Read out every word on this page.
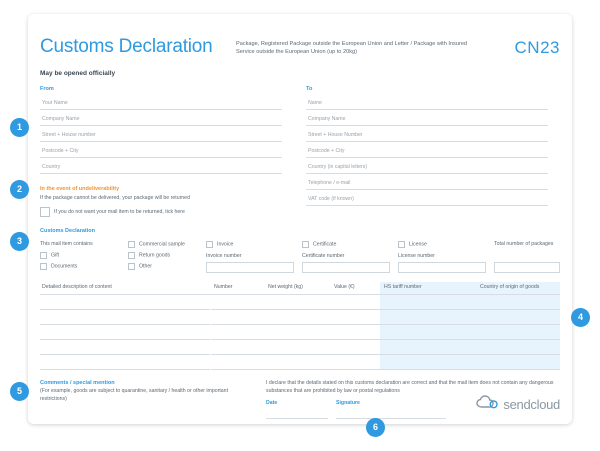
Customs Declaration	Package, Registered Package outside the European Union and Letter / Package with Insured Service outside the European Union (up to 20kg)	CN23
May be opened officially
From
Your Name
Company Name
Street + House number
Postcode + City
Country
To
Name
Company Name
Street + House Number
Postcode + City
Country (in capital letters)
Telephone / e-mail
VAT code (if known)
In the event of undeliverability
If the package cannot be delivered, your package will be returned
If you do not want your mail item to be returned, tick here
Customs Declaration
This mail item contains
Gift
Documents
Commercial sample
Return goods
Other
Invoice
Invoice number
Certificate
Certificate number
License
License number
Total number of packages
Detailed description of content	Number	Net weight (kg)	Value (€)	HS tariff number	Country of origin of goods
Comments / special mention
(For example, goods are subject to quarantine, sanitary / health or other important restrictions)
I declare that the details stated on this customs declaration are correct and that the mail item does not contain any dangerous substances that are prohibited by law or postal regulations
Date	Signature	sendcloud
1
2
3
4
5
6
